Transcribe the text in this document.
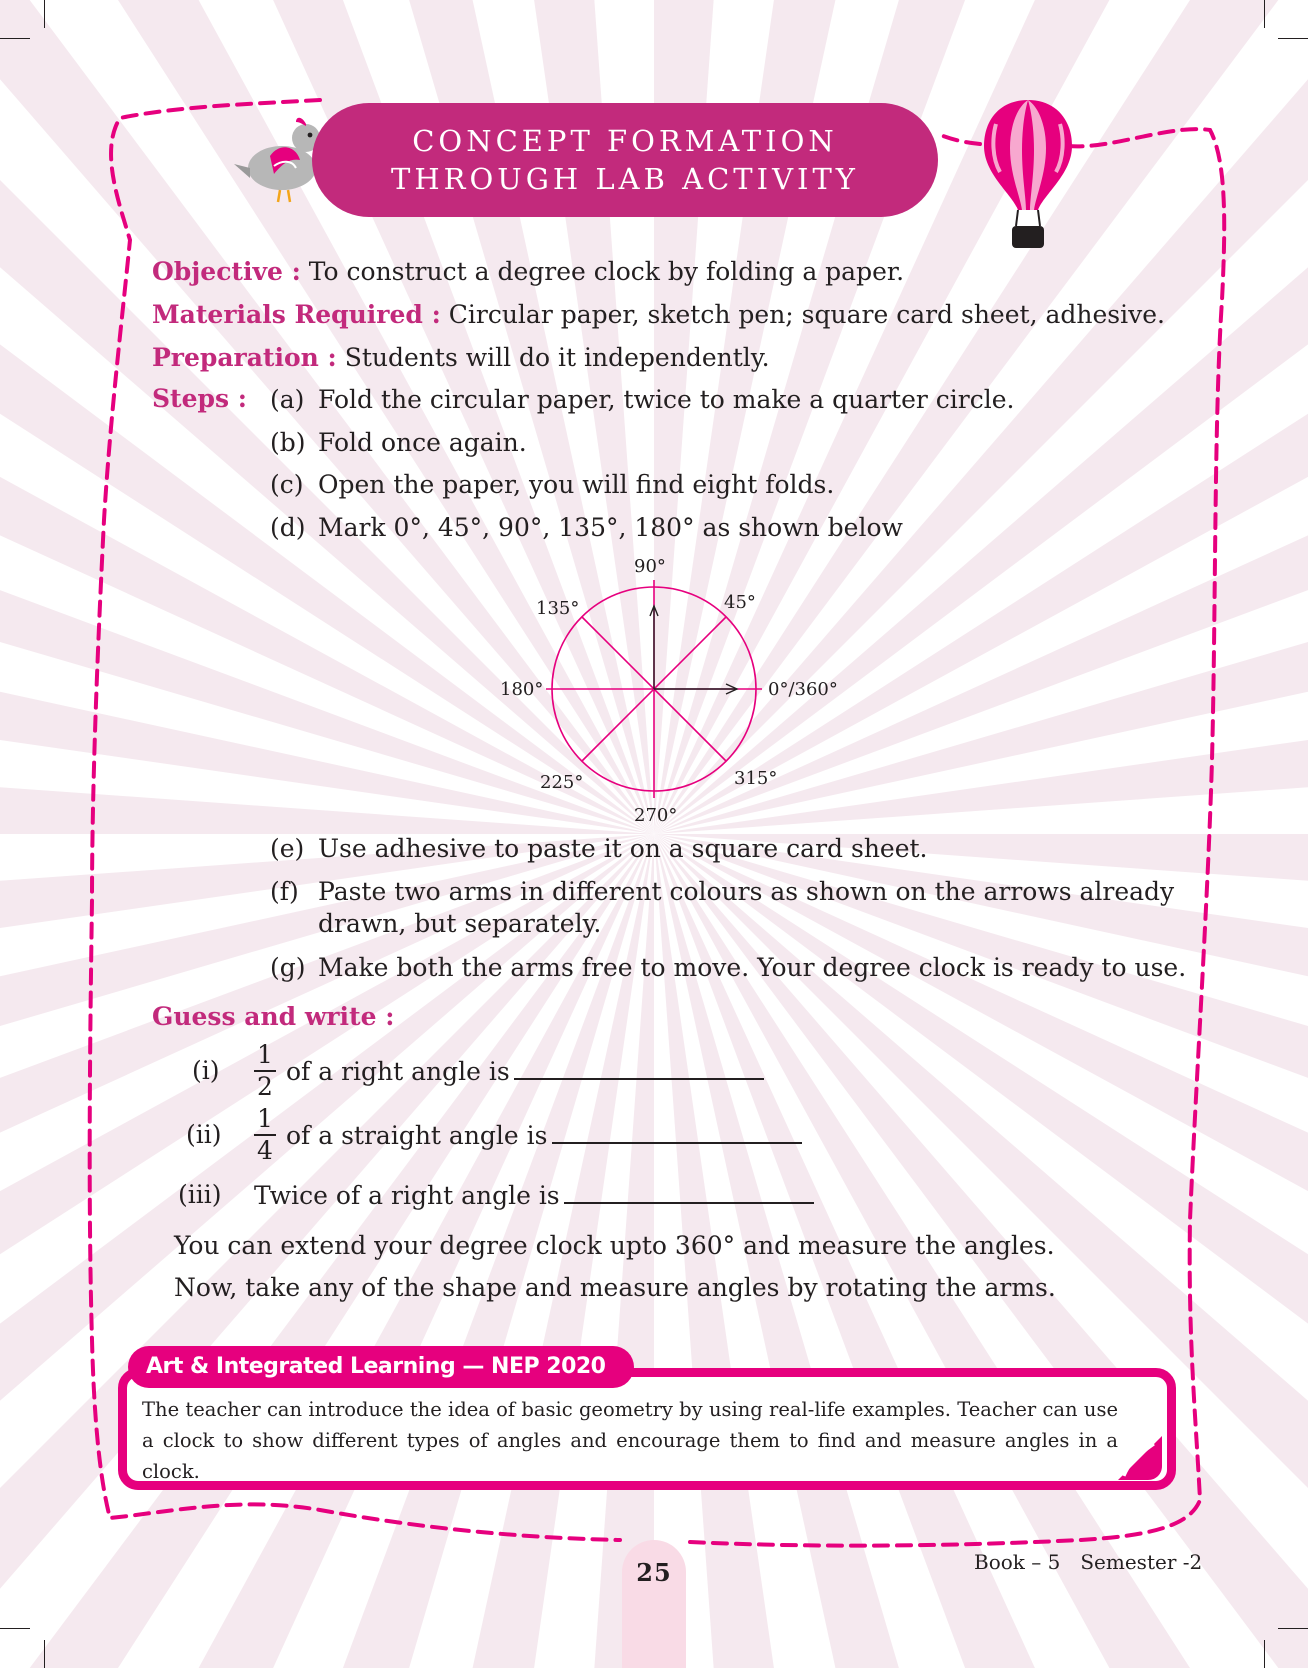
CONCEPT FORMATION
THROUGH LAB ACTIVITY
Objective : To construct a degree clock by folding a paper.
Materials Required : Circular paper, sketch pen; square card sheet, adhesive.
Preparation : Students will do it independently.
Steps : (a) Fold the circular paper, twice to make a quarter circle.
(b) Fold once again.
(c) Open the paper, you will find eight folds.
(d) Mark 0°, 45°, 90°, 135°, 180° as shown below
90°
45°
135°
180°	0°/360°
225°	315°
270°
(e) Use adhesive to paste it on a square card sheet.
(f) Paste two arms in different colours as shown on the arrows already
drawn, but separately.
(g) Make both the arms free to move. Your degree clock is ready to use.
Guess and write :
(i)
1
2
of a right angle is
(ii)
1
4
of a straight angle is
(iii) Twice of a right angle is
You can extend your degree clock upto 360° and measure the angles.
Now, take any of the shape and measure angles by rotating the arms.
Art & Integrated Learning — NEP 2020
The teacher can introduce the idea of basic geometry by using real-life examples. Teacher can use a clock to show different types of angles and encourage them to find and measure angles in a clock.
25	Book – 5 Semester -2
